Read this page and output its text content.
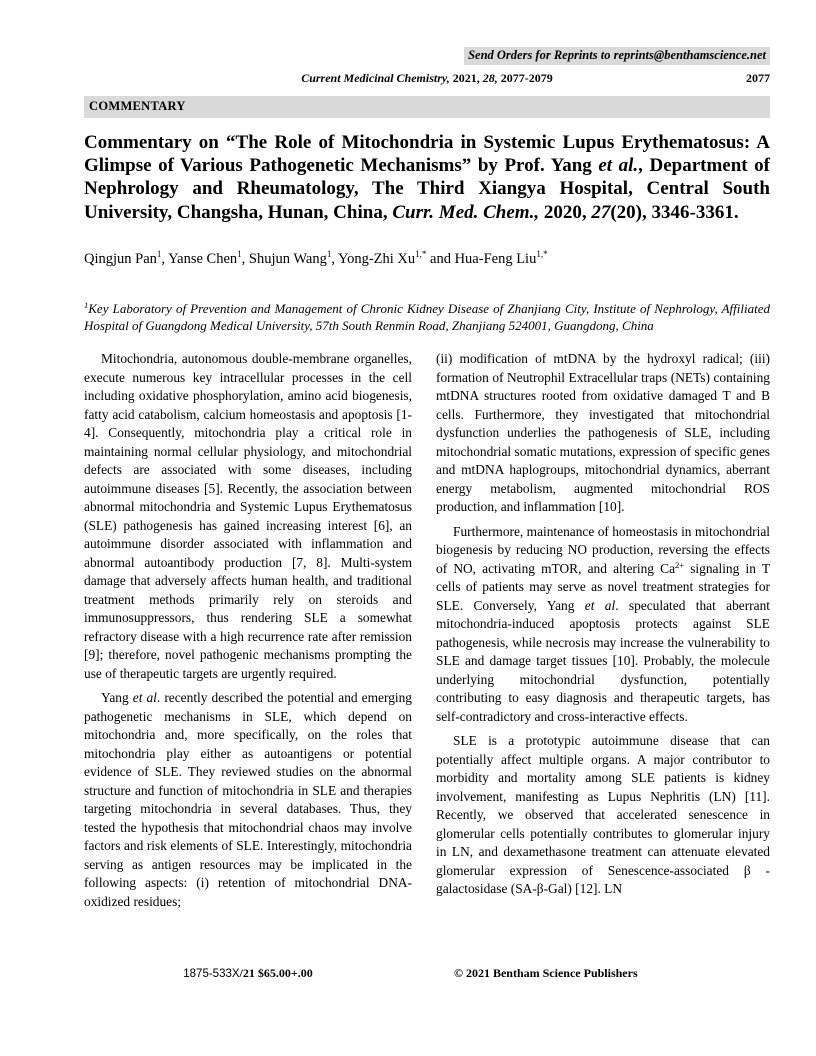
Send Orders for Reprints to reprints@benthamscience.net
Current Medicinal Chemistry, 2021, 28, 2077-2079	2077
COMMENTARY
Commentary on “The Role of Mitochondria in Systemic Lupus Erythematosus: A Glimpse of Various Pathogenetic Mechanisms” by Prof. Yang et al., Department of Nephrology and Rheumatology, The Third Xiangya Hospital, Central South University, Changsha, Hunan, China, Curr. Med. Chem., 2020, 27(20), 3346-3361.
Qingjun Pan$^1$, Yanse Chen$^1$, Shujun Wang$^1$, Yong-Zhi $Xu^{1,*}$ and Hua-Feng Liu$^{1,*}$
$^1$Key Laboratory of Prevention and Management of Chronic Kidney Disease of Zhanjiang City, Institute of Nephrology, Affiliated Hospital of Guangdong Medical University, 57th South Renmin Road, Zhanjiang 524001, Guangdong, China

Mitochondria, autonomous double-membrane organelles, execute numerous key intracellular processes in the cell including oxidative phosphorylation, amino acid biogenesis, fatty acid catabolism, calcium homeostasis and apoptosis [1-4]. Consequently, mitochondria play a critical role in maintaining normal cellular physiology, and mitochondrial defects are associated with some diseases, including autoimmune diseases [5]. Recently, the association between abnormal mitochondria and Systemic Lupus Erythematosus (SLE) pathogenesis has gained increasing interest [6], an autoimmune disorder associated with inflammation and abnormal autoantibody production [7, 8]. Multi-system damage that adversely affects human health, and traditional treatment methods primarily rely on steroids and immunosuppressors, thus rendering SLE a somewhat refractory disease with a high recurrence rate after remission [9]; therefore, novel pathogenic mechanisms prompting the use of therapeutic targets are urgently required.

Yang et al. recently described the potential and emerging pathogenetic mechanisms in SLE, which depend on mitochondria and, more specifically, on the roles that mitochondria play either as autoantigens or potential evidence of SLE. They reviewed studies on the abnormal structure and function of mitochondria in SLE and therapies targeting mitochondria in several databases. Thus, they tested the hypothesis that mitochondrial chaos may involve factors and risk elements of SLE. Interestingly, mitochondria serving as antigen resources may be implicated in the following aspects: (i) retention of mitochondrial DNA-oxidized residues;

(ii) modification of mtDNA by the hydroxyl radical; (iii) formation of Neutrophil Extracellular traps (NETs) containing mtDNA structures rooted from oxidative damaged T and B cells. Furthermore, they investigated that mitochondrial dysfunction underlies the pathogenesis of SLE, including mitochondrial somatic mutations, expression of specific genes and mtDNA haplogroups, mitochondrial dynamics, aberrant energy metabolism, augmented mitochondrial ROS production, and inflammation [10].

Furthermore, maintenance of homeostasis in mitochondrial biogenesis by reducing NO production, reversing the effects of NO, activating mTOR, and altering $Ca^{2+}$ signaling in T cells of patients may serve as novel treatment strategies for SLE. Conversely, Yang et al. speculated that aberrant mitochondria-induced apoptosis protects against SLE pathogenesis, while necrosis may increase the vulnerability to SLE and damage target tissues [10]. Probably, the molecule underlying mitochondrial dysfunction, potentially contributing to easy diagnosis and therapeutic targets, has self-contradictory and cross-interactive effects.

SLE is a prototypic autoimmune disease that can potentially affect multiple organs. A major contributor to morbidity and mortality among SLE patients is kidney involvement, manifesting as Lupus Nephritis (LN) [11]. Recently, we observed that accelerated senescence in glomerular cells potentially contributes to glomerular injury in LN, and dexamethasone treatment can attenuate elevated glomerular expression of Senescence-associated β -galactosidase (SA-β-Gal) [12]. LN

1875-533X/21 $65.00+.00	© 2021 Bentham Science Publishers
